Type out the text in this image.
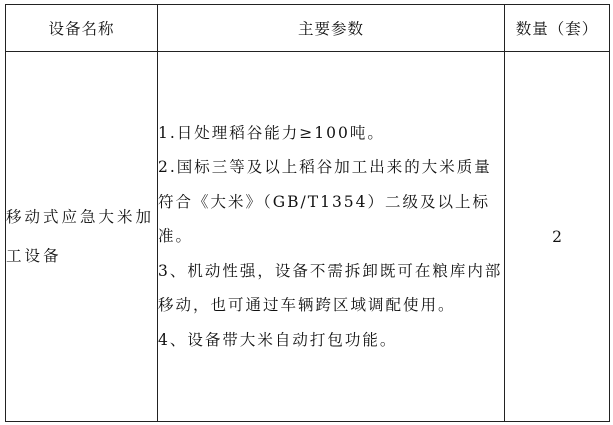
设备名称	主要参数	数量（套）
移动式应急大米加工设备	1.日处理稻谷能力≥100吨。

2.国标三等及以上稻谷加工出来的大米质量符合《大米》（GB/T1354）二级及以上标准。

3、机动性强，设备不需拆卸既可在粮库内部移动，也可通过车辆跨区域调配使用。

4、设备带大米自动打包功能。	2
